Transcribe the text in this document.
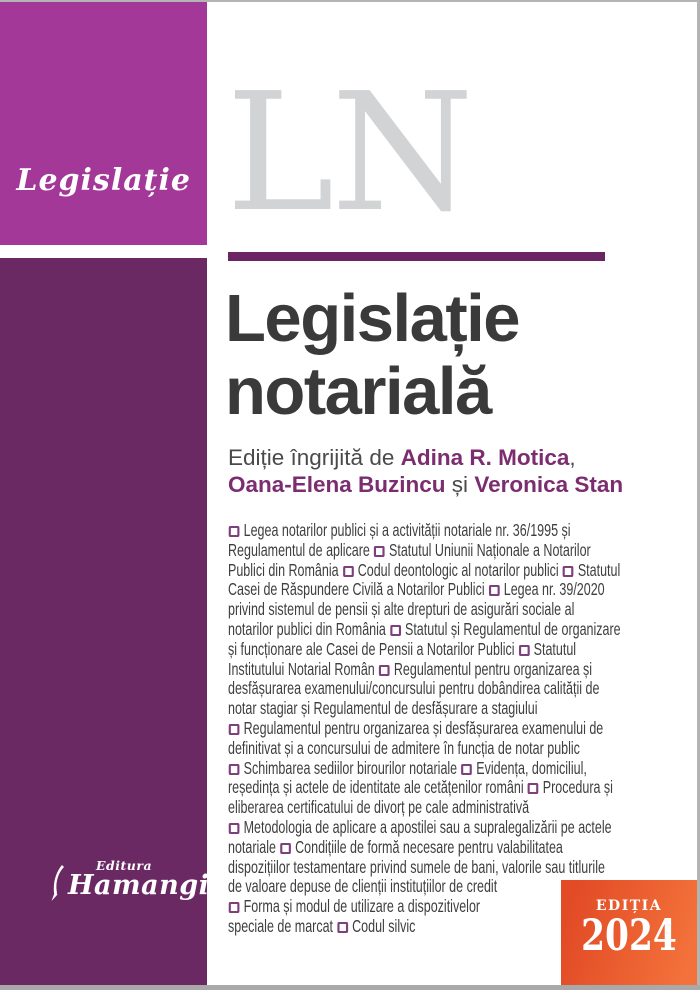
Legislație
Editura
Hamangiu
LN
Legislație
notarială
Ediție îngrijită de Adina R. Motica,
Oana-Elena Buzincu și Veronica Stan
Legea notarilor publici și a activității notariale nr. 36/1995 și
Regulamentul de aplicare  Statutul Uniunii Naționale a Notarilor
Publici din România  Codul deontologic al notarilor publici  Statutul
Casei de Răspundere Civilă a Notarilor Publici  Legea nr. 39/2020
privind sistemul de pensii și alte drepturi de asigurări sociale al
notarilor publici din România  Statutul și Regulamentul de organizare
și funcționare ale Casei de Pensii a Notarilor Publici  Statutul
Institutului Notarial Român  Regulamentul pentru organizarea și
desfășurarea examenului/concursului pentru dobândirea calității de
notar stagiar și Regulamentul de desfășurare a stagiului
Regulamentul pentru organizarea și desfășurarea examenului de
definitivat și a concursului de admitere în funcția de notar public
Schimbarea sediilor birourilor notariale  Evidența, domiciliul,
reședința și actele de identitate ale cetățenilor români  Procedura și
eliberarea certificatului de divorț pe cale administrativă
Metodologia de aplicare a apostilei sau a supralegalizării pe actele
notariale  Condițiile de formă necesare pentru valabilitatea
dispozițiilor testamentare privind sumele de bani, valorile sau titlurile
de valoare depuse de clienții instituțiilor de credit
Forma și modul de utilizare a dispozitivelor
speciale de marcat  Codul silvic
EDIȚIA
2024
